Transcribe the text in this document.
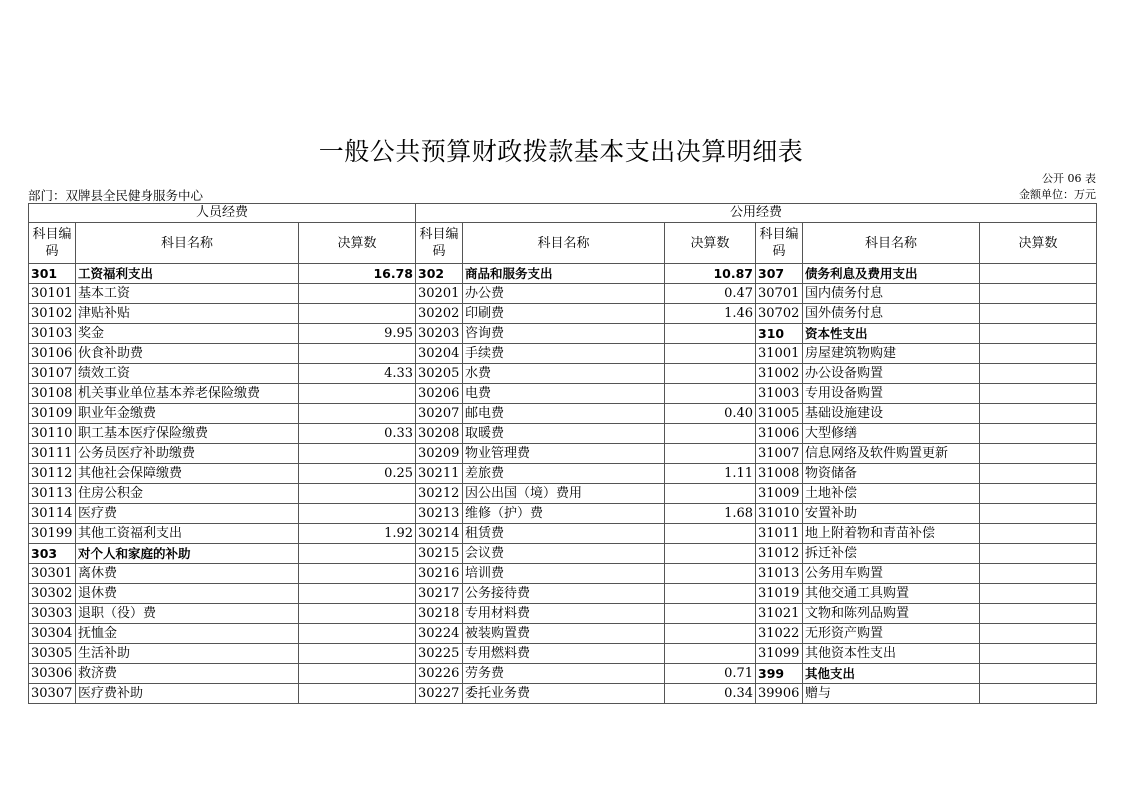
一般公共预算财政拨款基本支出决算明细表
公开 06 表
部门：双牌县全民健身服务中心	金额单位：万元
人员经费			公用经费					
科目编码	科目名称	决算数	科目编码	科目名称	决算数	科目编码	科目名称	决算数
301	工资福利支出	16.78	302	商品和服务支出	10.87	307	债务利息及费用支出	
30101	基本工资		30201	办公费	0.47	30701	国内债务付息	
30102	津贴补贴		30202	印刷费	1.46	30702	国外债务付息	
30103	奖金	9.95	30203	咨询费		310	资本性支出	
30106	伙食补助费		30204	手续费		31001	房屋建筑物购建	
30107	绩效工资	4.33	30205	水费		31002	办公设备购置	
30108	机关事业单位基本养老保险缴费		30206	电费		31003	专用设备购置	
30109	职业年金缴费		30207	邮电费	0.40	31005	基础设施建设	
30110	职工基本医疗保险缴费	0.33	30208	取暖费		31006	大型修缮	
30111	公务员医疗补助缴费		30209	物业管理费		31007	信息网络及软件购置更新	
30112	其他社会保障缴费	0.25	30211	差旅费	1.11	31008	物资储备	
30113	住房公积金		30212	因公出国（境）费用		31009	土地补偿	
30114	医疗费		30213	维修（护）费	1.68	31010	安置补助	
30199	其他工资福利支出	1.92	30214	租赁费		31011	地上附着物和青苗补偿	
303	对个人和家庭的补助		30215	会议费		31012	拆迁补偿	
30301	离休费		30216	培训费		31013	公务用车购置	
30302	退休费		30217	公务接待费		31019	其他交通工具购置	
30303	退职（役）费		30218	专用材料费		31021	文物和陈列品购置	
30304	抚恤金		30224	被装购置费		31022	无形资产购置	
30305	生活补助		30225	专用燃料费		31099	其他资本性支出	
30306	救济费		30226	劳务费	0.71	399	其他支出	
30307	医疗费补助		30227	委托业务费	0.34	39906	赠与	
